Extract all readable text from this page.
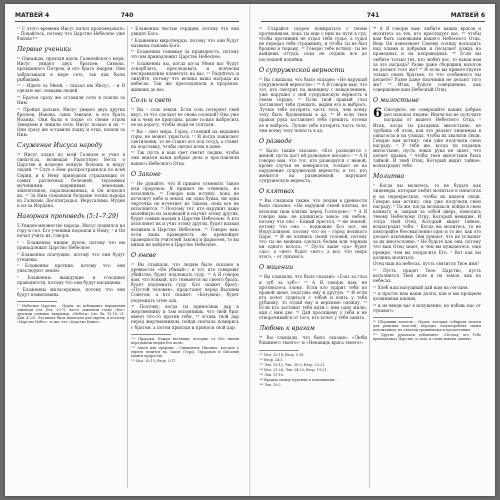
MATBEЙ 4	740

¹⁷ С этого времени Иисус начал проповедовать: – Покайтесь, потому что Царство Небесное уже близко!¹⁸

Первые ученики

¹⁸ Однажды, проходя вдоль Галилейского моря, Иисус увидел двух братьев: Симона, прозванного Петром, и его брата Андрея. Они забрасывали в море сеть, так как были рыбаками.

¹⁹ – Идите за Мной, – сказал им Иисус, – и Я сделаю вас ловцами людей.

²⁰ Братья сразу же оставили сети и пошли за Ним.

²¹ Пройдя дальше, Иисус увидел двух других братьев, Иакова, сына Зеведея, и его брата Иоанна. Они были в лодке со своим отцом Зеведеем и чинили сети. Иисус позвал и их. ²² Они сразу же оставили лодку и отца, пошли за Ним.

Служение Иисуса народу

²³ Иисус ходил по всей Галилее и учил в синагогах, возвещая Радостную Весть о Царстве и исцеляя всякую болезнь и недуг людей. ²⁴ Слух о Нем распространился по всей Сирии, и к Нему приводили страдающих от самых различных болезней, терзаемых мучениями, одержимых демонами, эпилептиков, парализованных, и Он исцелял их. ²⁵ За Ним следовали большие толпы народа из Галилеи, Десятиградья, Иерусалима, Иудеи и из-за Иордана.

Нагорная проповедь (5:1–7:29)

5 Увидев множество народа, Иисус поднялся на гору и сел. Его ученики подошли к Нему, ² и Он начал учить их, говоря:

³ – Блаженны нищие духом, потому что им принадлежит Царство Небесное.

⁴ Блаженны плачущие, потому что они будут утешены.

⁵ Блаженны кроткие, потому что они унаследуют землю.

⁶ Блаженны жаждущие и голодные праведности, потому что они будут насыщены.

⁷ Блаженны милосердные, потому что они будут помилованы.

¹⁷ Небесное Царство – Иудеи, во избежание нарушения заповеди (см. Исх. 20:7), часто заменяли слово «Бог» другими словами, например, «Небеса» (см. Лк. 15:18, 21; Дан. 4:23). Эта книга была написана для евреев, и поэтому «Царство Небес» то же, что «Царство Божье».

⁸ Блаженны чистые сердцем, потому что они увидят Бога.

⁹ Блаженны миротворцы, потому что они будут названы сынами Бога.

¹⁰ Блаженны гонимые за праведность, потому что им принадлежит Царство Небесное.

¹¹ Блаженны вы, когда из-за Меня вас будут оскорблять, преследовать и всячески несправедливо клеветать на вас. ¹² Радуйтесь и ликуйте, потому что велика ваша награда на небесах. Так же преследовали и пророков, живших до вас.

Соль и свет

¹³ Вы – соль земли. Если соль потеряет свой вкус, то что сделает ее снова соленой? Она уже ни к чему не пригодна, разве только выбросить ее на дорогу, чтобы люди ее топтали.

¹⁴ Вы – свет мира. Город, стоящий на вершине горы, не может укрыться. ¹⁵ И когда зажигают светильник, то не ставят его под сосуд, а ставят на подставку, чтобы светил всем в доме.

¹⁶ Так пусть и ваш свет светит людям, чтобы они видели ваши добрые дела и прославляли вашего Небесного Отца.

О Законе

¹⁷ Не думайте, что Я пришел отменить Закон или пророков. Я пришел не отменить, но исполнить. ¹⁸ Говорю вам истину: пока не исчезнут небо и земля, ни одна буква, ни одна черточка не исчезнет из Закона, пока все не исполнится. ¹⁹ Поэтому тот, кто нарушит даже малейшую из заповедей и научит этому других, будет самым малым в Царстве Небесном. А кто исполняет их и учит этому других, будет назван великим в Царстве Небесном. ²⁰ Говорю вам: если ваша праведность не превзойдет праведности учителей Закона и фарисеев, то вы никак не войдете в Царство Небесное.

О гневе

²¹ Вы слышали, что людям было сказано в древности: «Не убивай»,ᵃ и тот, кто совершит убийство, будет подлежать суду. ²² А Я говорю вам, что всякий, кто гневается на своего брата, будет подлежать суду. Кто скажет брату: «Пустой человек», предстанет перед Высшим Советом, а кто скажет: «Безумец», будет подлежать огню ада.

²³ Поэтому, когда ты приносишь дар к жертвеннику и там вспомнишь, что твой брат имеет что-то против тебя, ²⁴ оставь твой дар перед жертвенником, пойди сначала помирись с братом, а потом приходи и приноси свой дар.

⁵¹² Пророки: Божьи вестники, которые от Его имени передавали людям Его волю.

⁵¹⁷ Закон или пророки – Священное Писание, которое у евреев делится на Закон (Тора), Пророков и Писания (книги мудрости).

⁵²¹ Исх. 20:13; Втор. 5:17.

741	MATBEЙ 6

²⁵ Старайся скорее помириться с твоим противником, пока ты еще с ним на пути в суд, чтобы противник не отдал тебя судье, а судья не передал тебя стражнику, и чтобы ты не был брошен в тюрьму. ²⁶ Говорю тебе истину: ты не выйдешь оттуда, пока не отдашь все до последней копейки.

О супружеской верности

²⁷ Вы слышали, что было сказано: «Не нарушай супружеской верности».ᵃ ²⁸ А Я говорю вам, что тот, кто смотрит на женщину с вожделением, уже нарушил с ней супружескую верность в своем сердце. ²⁹ Если твой правый глаз заставляет тебя грешить, вырви его и выбрось. Лучше тебе потерять часть тела, чем всему телу быть брошенным в ад. ³⁰ И если твоя правая рука заставляет тебя грешить, отсеки ее и выбрось. Лучше тебе потерять часть тела, чем всему телу попасть в ад.

О разводе

³¹ Было также сказано: «Кто разводится с женой, пусть даст ей разводное письмо».ᵃ ³² А Я говорю вам, что тот, кто разводится с женой, кроме случая ее неверности, толкает ее на нарушение супружеской верности, и тот, кто женится на разведенной, нарушает супружескую верность.

О клятвах

³³ Вы слышали также, что людям в древности было сказано: «Не нарушай своей клятвы, но исполни твои клятвы перед Господом».ᵃ ³⁴ А Я говорю вам: не клянитесь вовсе: ни небом, потому что оно – Божий престол, ³⁵ ни землей, потому что она – подножие Его ног, ни Иерусалимом, потому что он – город великого Царя. ³⁶ И не клянись своей головой, потому что ты не можешь сделать белым или черным ни одного волоса. ³⁷ Пусть ваше «да» будет «да», а «нет» будет «нет»; а все, что сверх этого, – от лукавого.

О мщении

³⁸ Вы слышали, что было сказано: «Глаз за глаз и зуб за зуб».ᵃ ³⁹ А Я говорю вам: не противьтесь злому. Если кто ударит тебя по правой щеке, подставь ему и другую. ⁴⁰ И если кто хочет судиться с тобой и взять у тебя рубашку, то отдай ему и верхнюю одежду. ⁴¹ Если кто заставит тебя идти с ним одну милю, иди с ним две. ⁴² Дай просящему у тебя и не отворачивайся от того, кто хочет у тебя занять.

Любовь к врагам

⁴³ Вы слышали, что было сказано: «Люби ближнего твоего»ᵃ и «Ненавидь врага твоего».

⁵²⁷ Исх. 20:14; Втор. 5:18.

⁵³¹ Втор. 24:1.

⁵³³ Лев. 19:12; Чис. 30:3; Втор. 23:21.

⁵³⁸ Исх. 21:24; Лев. 24:20; Втор. 19:21.

⁵⁴³ Лев. 19:18.

⁵⁴⁴ Вражда между иудеями и язычниками...

⁵⁴⁸ Лев. 19:2.

⁴⁴ А Я говорю вам: любите ваших врагов и молитесь за тех, кто преследует вас, ⁴⁵ чтобы вам быть сыновьями вашего Небесного Отца. Ведь Он повелевает Своему солнцу восходить над злыми и добрыми и посылает дождь на праведных и на неправедных. ⁴⁶ Если вы любите только тех, кто любит вас, то какая вам за это награда? Разве даже сборщики налогов не делают того же? ⁴⁷ И если вы приветствуете только своих братьев, то что особенного вы делаете? Разве даже язычники не делают того же? ⁴⁸ Итак, будьте совершенны, как совершенен ваш Небесный Отец.

О милостыне

6 Смотрите, не совершайте ваших добрых дел напоказ людям. Иначе вы не получите награды от вашего Небесного Отца. ² Итак, когда ты раздаешь милостыню, не трубишь об этом, как это делают лицемеры в синагогах и на улицах, чтобы их хвалили люди. Говорю вам истину: они уже получили свою награду. ³ У тебя же, когда ты подаешь милостыню, пусть левая рука не знает, что делает правая, ⁴ чтобы твоя милостыня была тайной. И твой Отец, Который видит тайное, вознаградит тебя.

Молитва

⁵ Когда вы молитесь, то не будьте как лицемеры, которые любят молиться в синагогах и на перекрестках, чтобы их видели люди. Говорю вам истину: они уже получили свою награду. ⁶ Ты же, когда молишься, войди в свою комнату и, закрыв за собой дверь, помолись твоему Небесному Отцу, Который невидим. И тогда твой Отец, Который видит тайное, вознаградит тебя. ⁷ Когда вы молитесь, то не повторяйте бессмысленно одно и то же, как это делают язычники. Они думают, что их услышат за их многословие. ⁸ Не будьте как они, потому что ваш Отец знает, в чем вы нуждаетесь, еще прежде, чем вы попросите Его. ⁹ Вот как вы должны молиться:

Отец наш на небесах, пусть святится Твое имя!

¹⁰ Пусть придет Твое Царство, пусть исполнится Твоя воля и на земле, как на небесах.

¹¹ Хлеб наш насущный дай нам на сегодня,

¹² и прости нам наши долги, как и мы прощаем должникам нашим,

¹³ и не введи нас в искушение, но избавь нас от лукавого.

⁶⁶ Сборщики налогов – Иудеи, которые собирали налоги для римских властей, нередко злоупотребляя своим положением; их считали грешниками и предателями.

⁶¹³ Другие рукописи добавляют: «Потому что Тебе принадлежат Царство, и сила, и слава вовеки. Аминь».
